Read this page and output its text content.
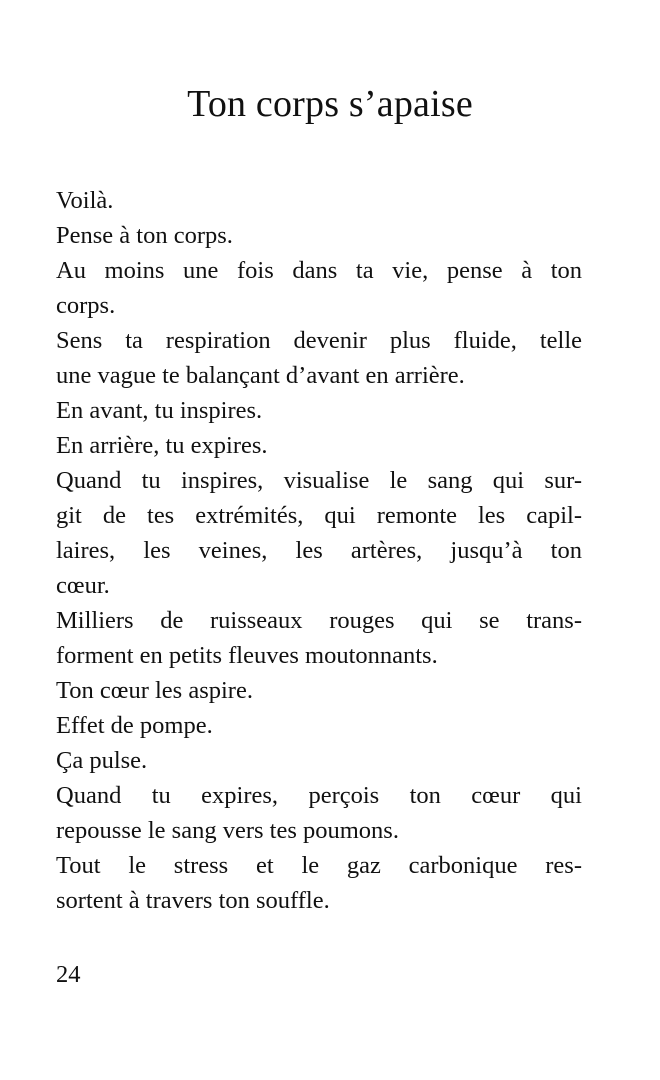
Ton corps s’apaise
Voilà.
Pense à ton corps.
Au moins une fois dans ta vie, pense à ton
corps.
Sens ta respiration devenir plus fluide, telle
une vague te balançant d’avant en arrière.
En avant, tu inspires.
En arrière, tu expires.
Quand tu inspires, visualise le sang qui sur-
git de tes extrémités, qui remonte les capil-
laires, les veines, les artères, jusqu’à ton
cœur.
Milliers de ruisseaux rouges qui se trans-
forment en petits fleuves moutonnants.
Ton cœur les aspire.
Effet de pompe.
Ça pulse.
Quand tu expires, perçois ton cœur qui
repousse le sang vers tes poumons.
Tout le stress et le gaz carbonique res-
sortent à travers ton souffle.
24
